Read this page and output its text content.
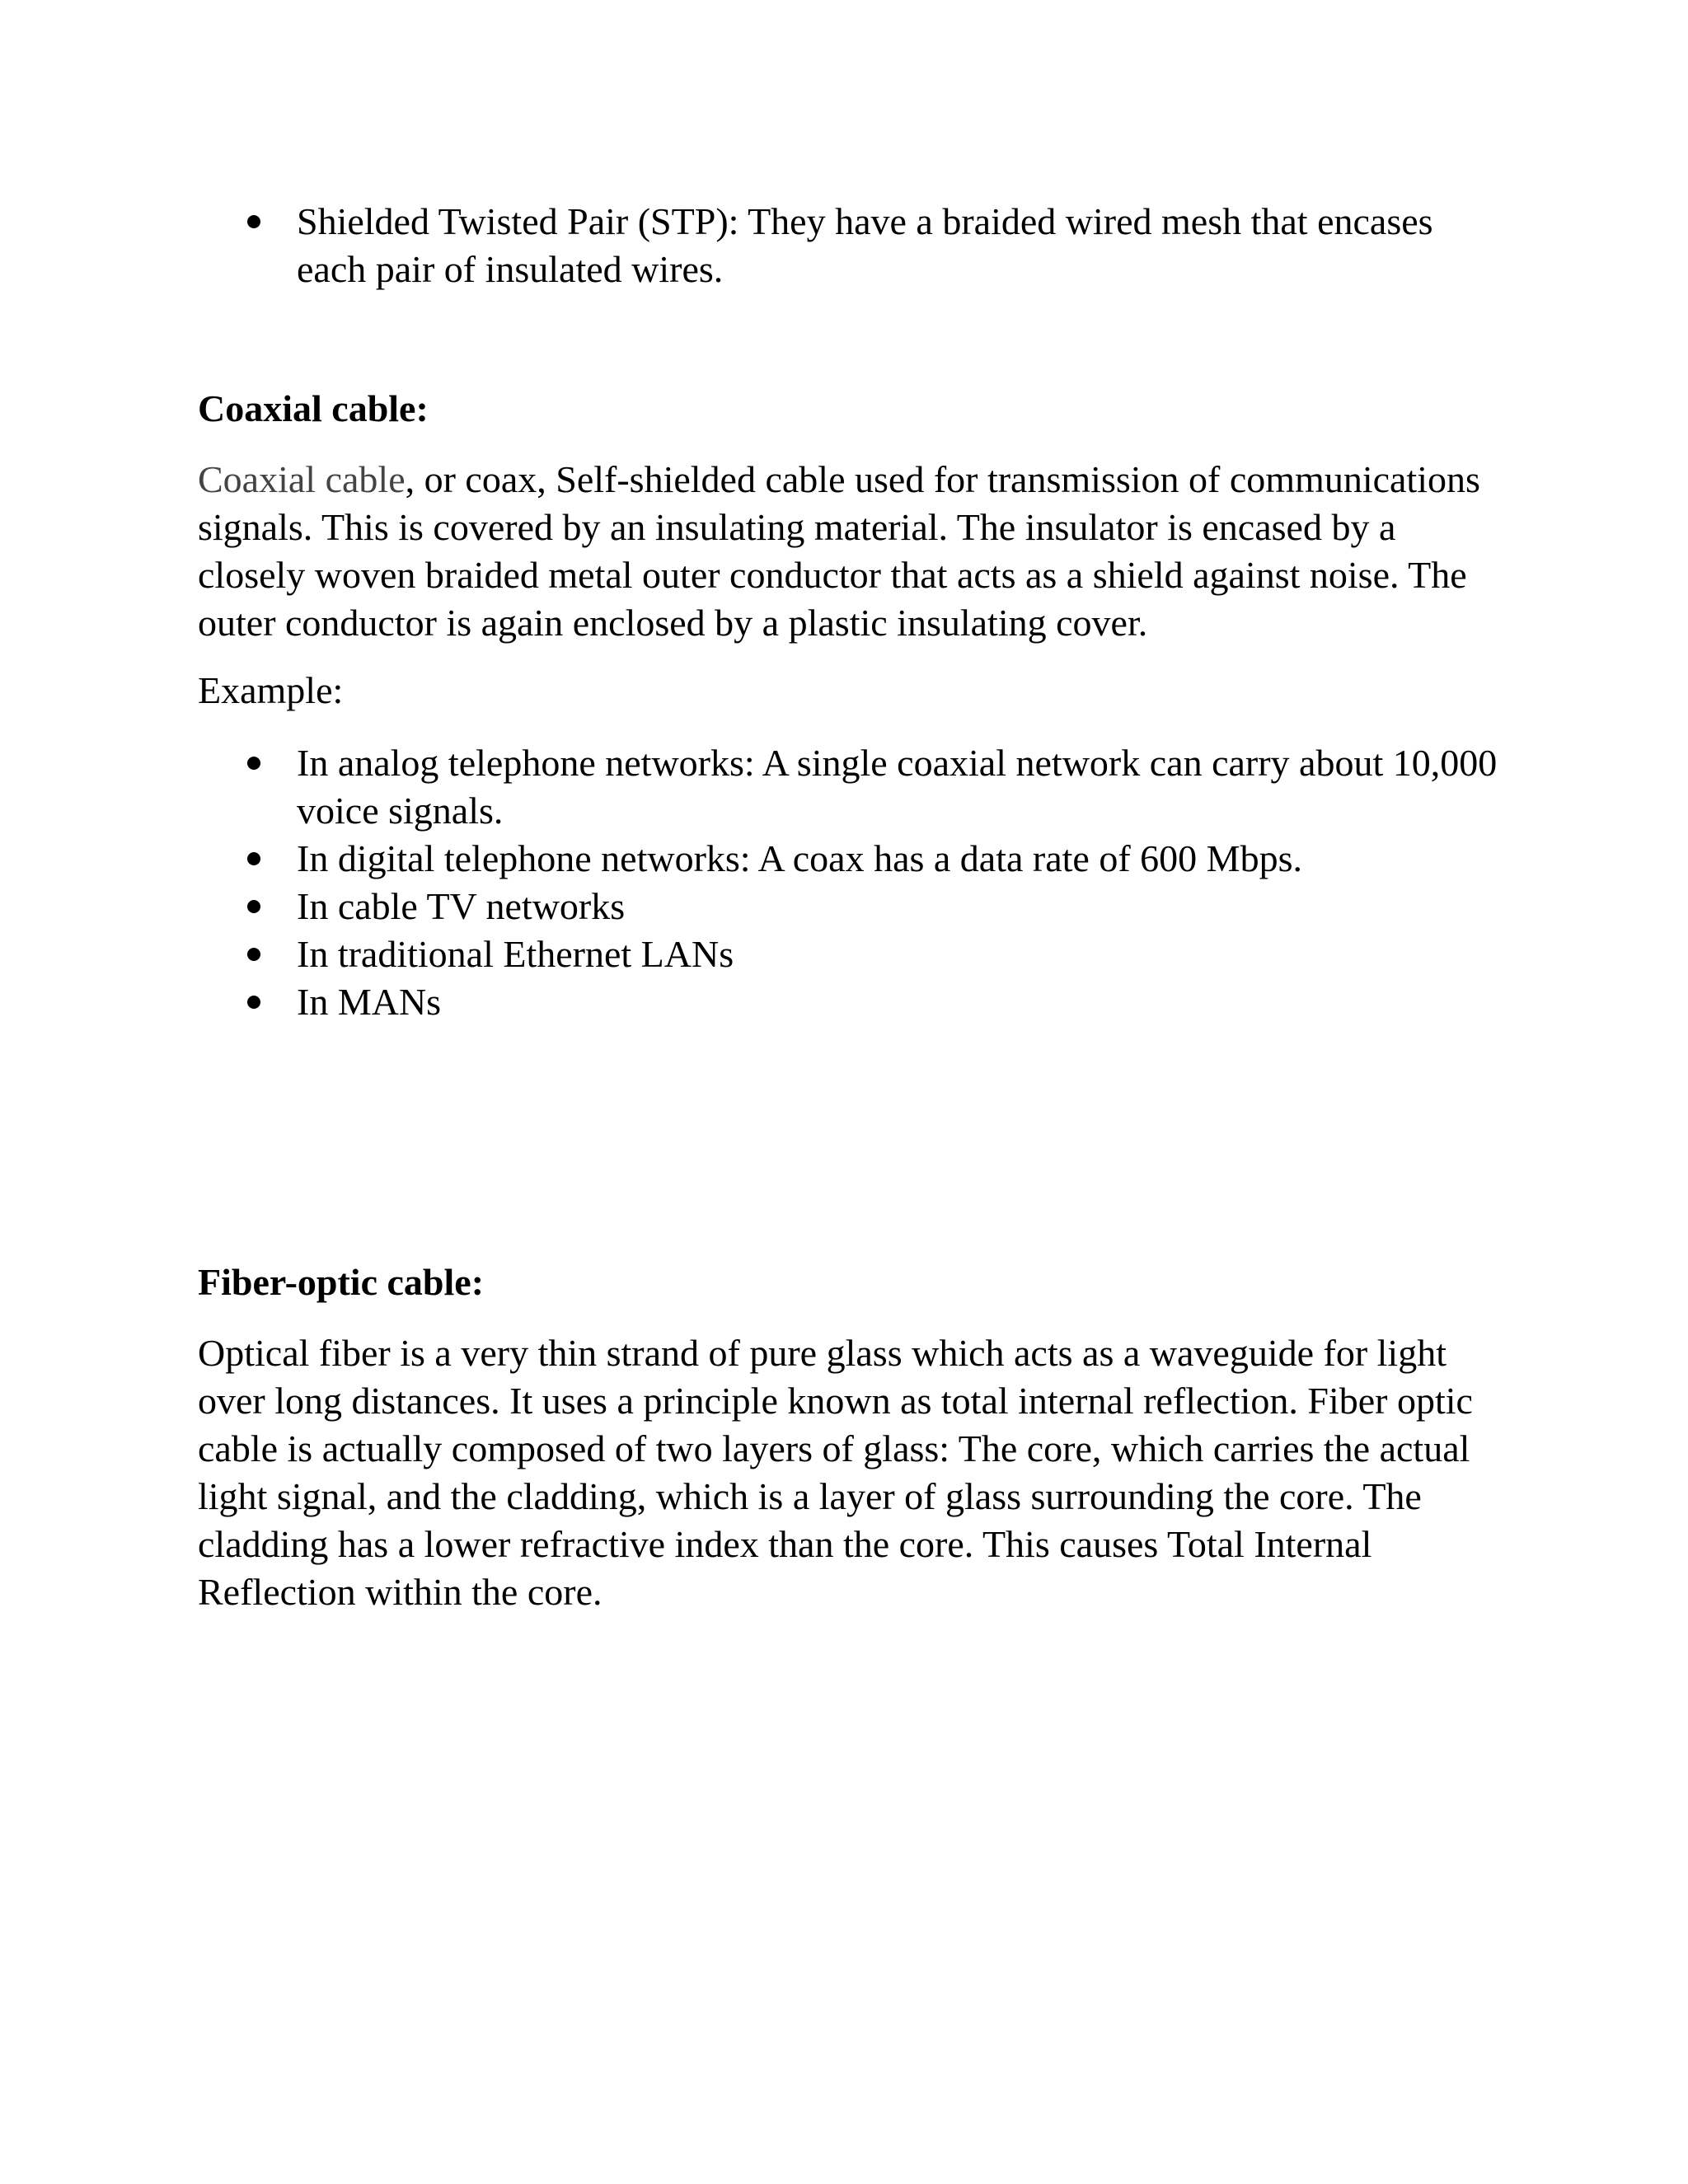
Shielded Twisted Pair (STP): They have a braided wired mesh that encases each pair of insulated wires.
Coaxial cable:
Coaxial cable, or coax, Self-shielded cable used for transmission of communications signals. This is covered by an insulating material. The insulator is encased by a closely woven braided metal outer conductor that acts as a shield against noise. The outer conductor is again enclosed by a plastic insulating cover.
Example:
In analog telephone networks: A single coaxial network can carry about 10,000 voice signals.
In digital telephone networks: A coax has a data rate of 600 Mbps.
In cable TV networks
In traditional Ethernet LANs
In MANs
Fiber-optic cable:
Optical fiber is a very thin strand of pure glass which acts as a waveguide for light over long distances. It uses a principle known as total internal reflection. Fiber optic cable is actually composed of two layers of glass: The core, which carries the actual light signal, and the cladding, which is a layer of glass surrounding the core. The cladding has a lower refractive index than the core. This causes Total Internal Reflection within the core.
